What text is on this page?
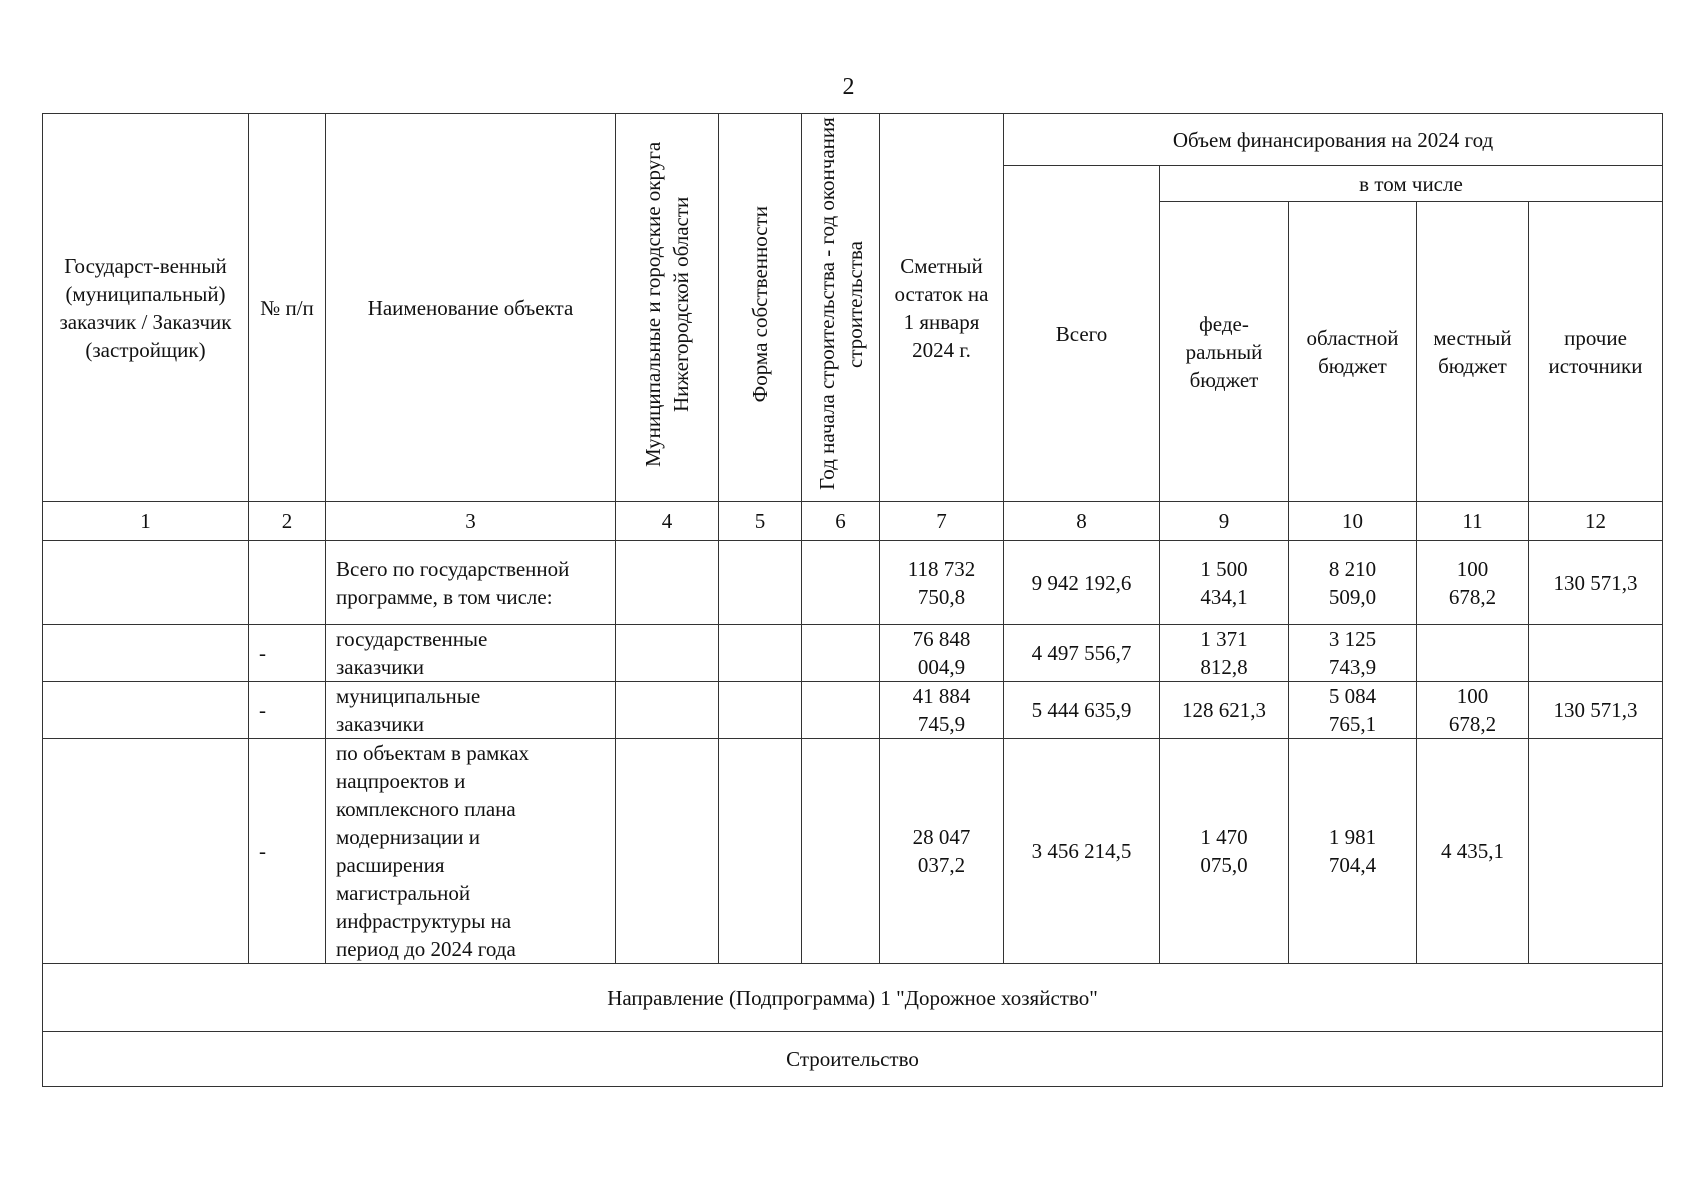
2
Государст-венный (муниципальный) заказчик / Заказчик (застройщик)	№ п/п	Наименование объекта	Муниципальные и городские округа Нижегородской области	Форма собственности	Год начала строительства - год окончания строительства	Сметный остаток на 1 января 2024 г.	Объем финансирования на 2024 год				
							Всего	в том числе			
								феде-ральный бюджет	областной бюджет	местный бюджет	прочие источники
1	2	3	4	5	6	7	8	9	10	11	12
		Всего по государственной программе, в том числе:				118 732 750,8	9 942 192,6	1 500 434,1	8 210 509,0	100 678,2	130 571,3
	-	государственные заказчики				76 848 004,9	4 497 556,7	1 371 812,8	3 125 743,9		
	-	муниципальные заказчики				41 884 745,9	5 444 635,9	128 621,3	5 084 765,1	100 678,2	130 571,3
	-	по объектам в рамках нацпроектов и комплексного плана модернизации и расширения магистральной инфраструктуры на период до 2024 года				28 047 037,2	3 456 214,5	1 470 075,0	1 981 704,4	4 435,1	
Направление (Подпрограмма) 1 "Дорожное хозяйство"											
Строительство											
